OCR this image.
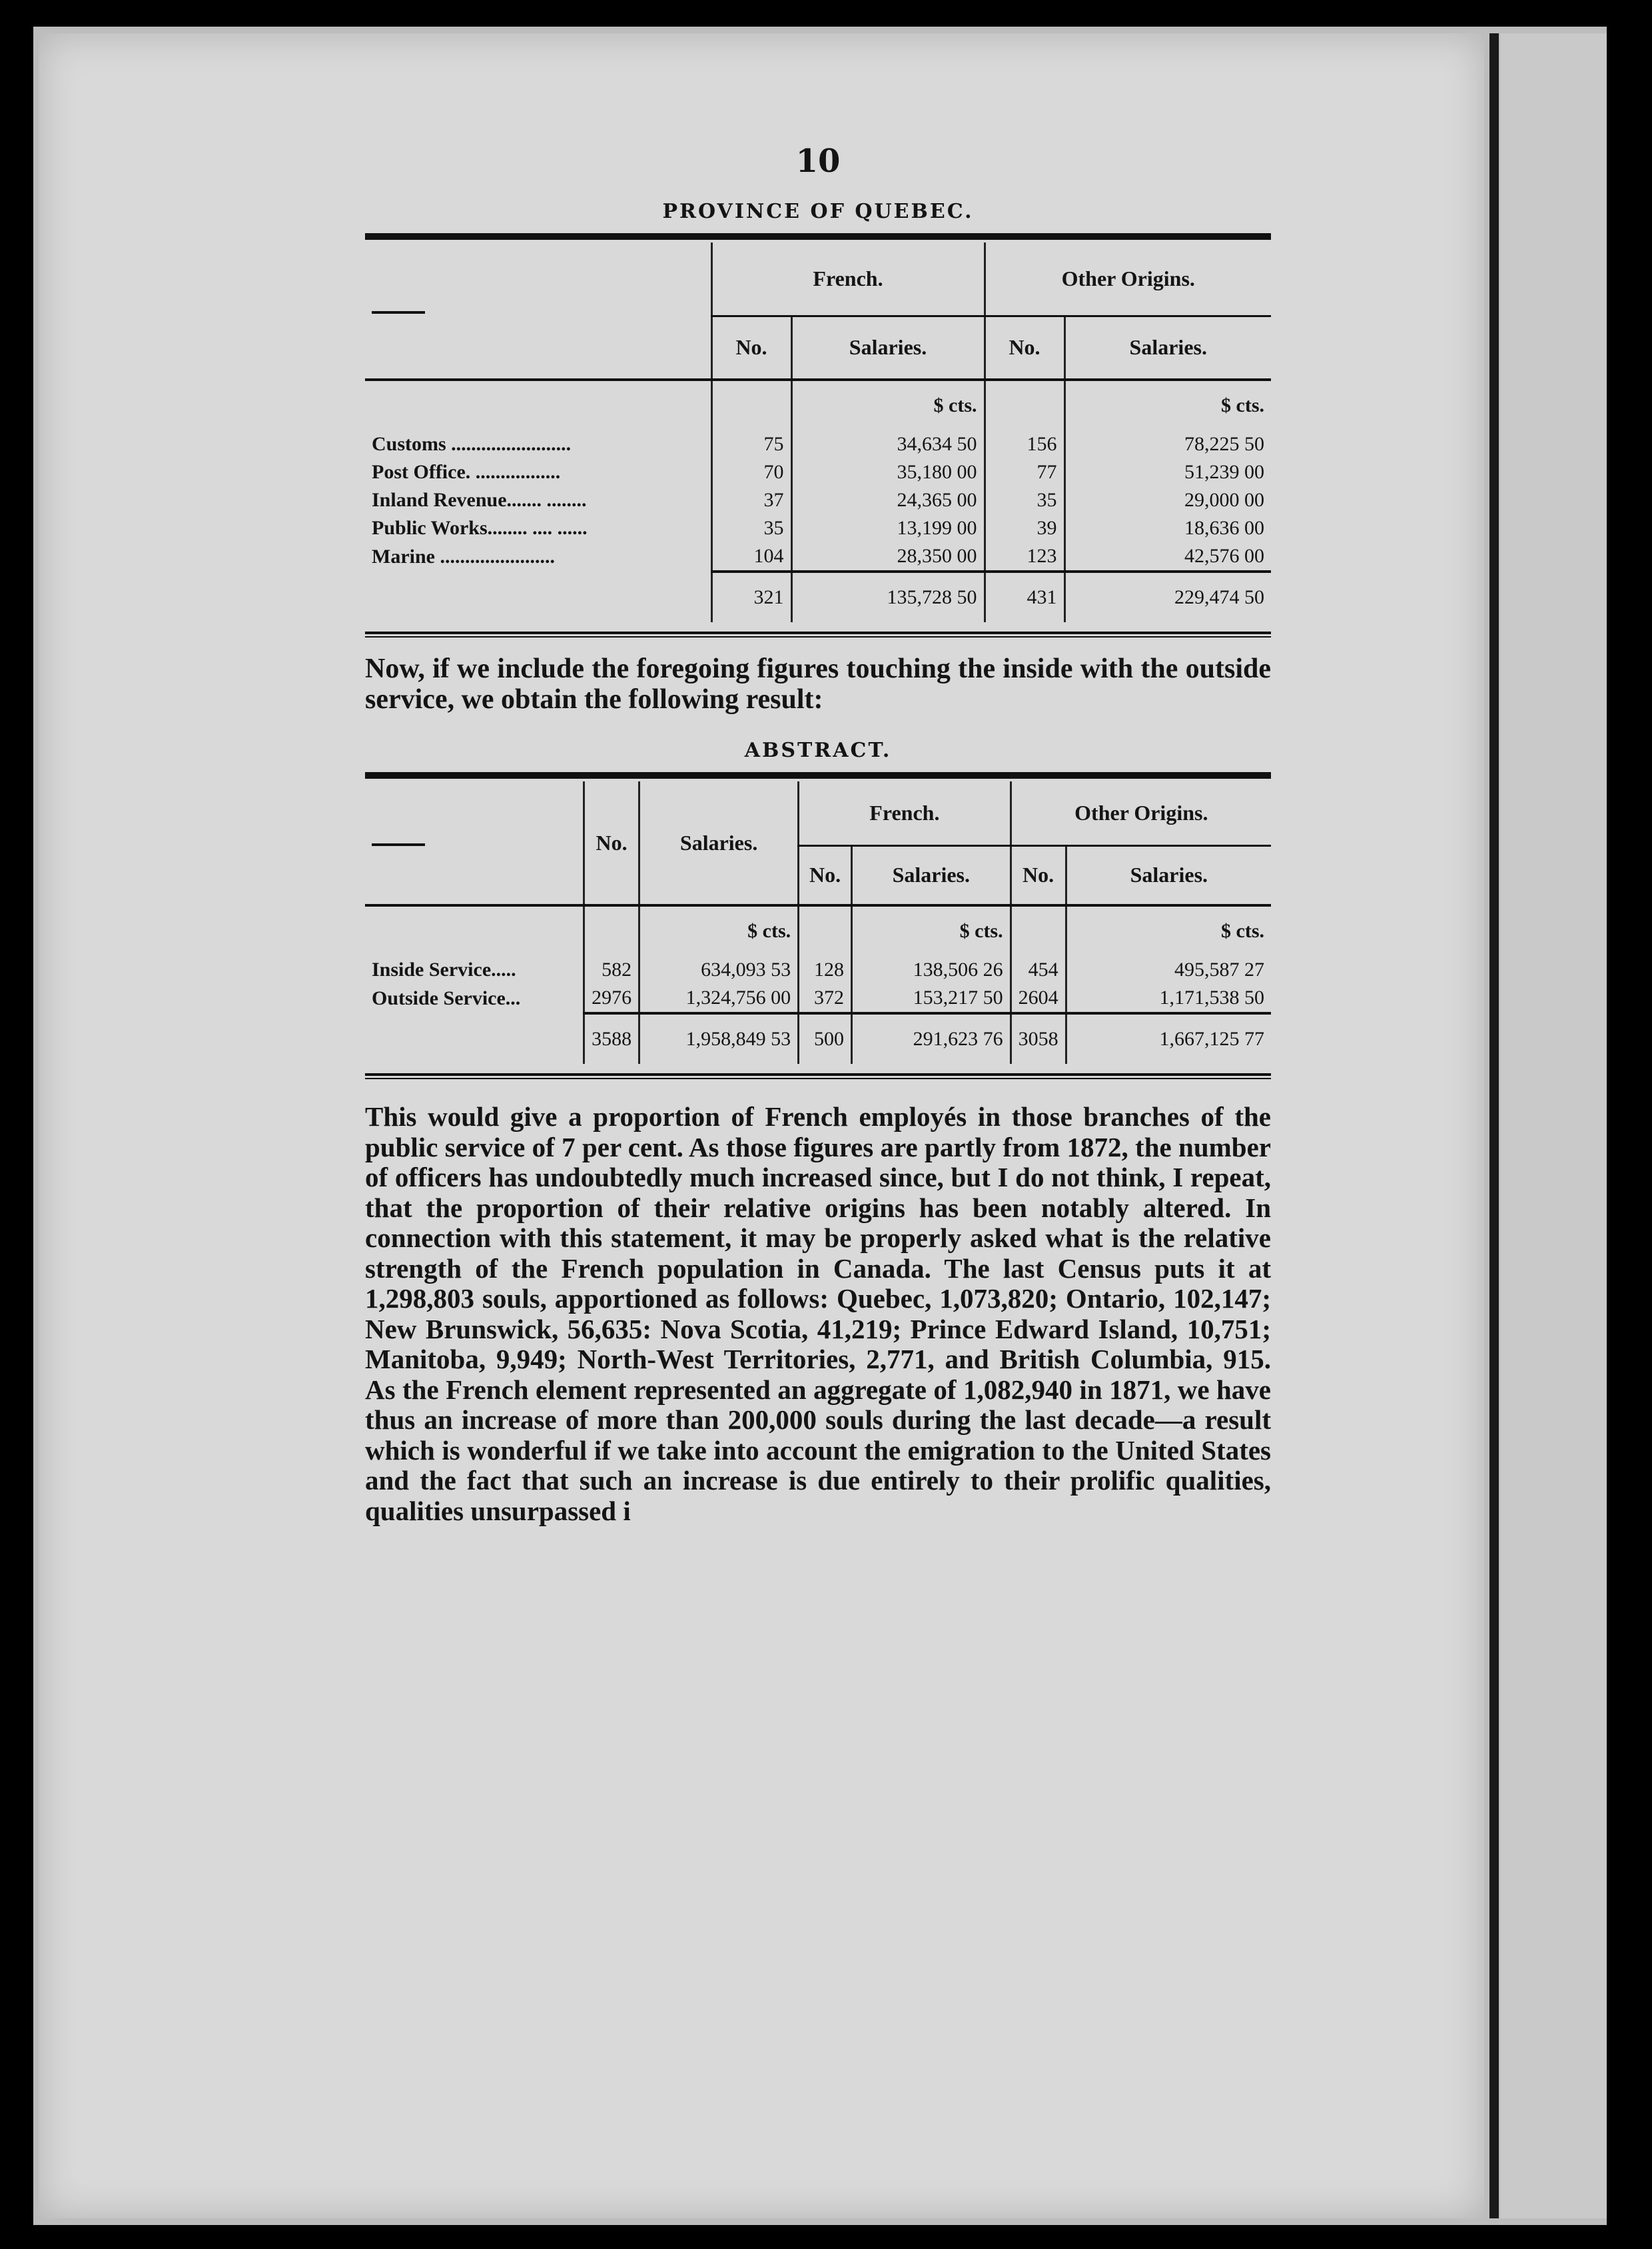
10
PROVINCE OF QUEBEC.
	French.		Other Origins.	
	No.	Salaries.	No.	Salaries.
		$ cts.		$ cts.
Customs ........................	75	34,634 50	156	78,225 50
Post Office. .................	70	35,180 00	77	51,239 00
Inland Revenue....... ........	37	24,365 00	35	29,000 00
Public Works........ .... ......	35	13,199 00	39	18,636 00
Marine .......................	104	28,350 00	123	42,576 00
	321	135,728 50	431	229,474 50

Now, if we include the foregoing figures touching the inside with the outside service, we obtain the following result:

ABSTRACT.
	No.	Salaries.	French.		Other Origins.	
			No.	Salaries.	No.	Salaries.
		$ cts.		$ cts.		$ cts.
Inside Service.....	582	634,093 53	128	138,506 26	454	495,587 27
Outside Service...	2976	1,324,756 00	372	153,217 50	2604	1,171,538 50
	3588	1,958,849 53	500	291,623 76	3058	1,667,125 77

This would give a proportion of French employés in those branches of the public service of 7 per cent. As those figures are partly from 1872, the number of officers has undoubtedly much increased since, but I do not think, I repeat, that the proportion of their relative origins has been notably altered. In connection with this statement, it may be properly asked what is the relative strength of the French population in Canada. The last Census puts it at 1,298,803 souls, apportioned as follows: Quebec, 1,073,820; Ontario, 102,147; New Brunswick, 56,635: Nova Scotia, 41,219; Prince Edward Island, 10,751; Manitoba, 9,949; North-West Territories, 2,771, and British Columbia, 915. As the French element represented an aggregate of 1,082,940 in 1871, we have thus an increase of more than 200,000 souls during the last decade—a result which is wonderful if we take into account the emigration to the United States and the fact that such an increase is due entirely to their prolific qualities, qualities unsurpassed i
